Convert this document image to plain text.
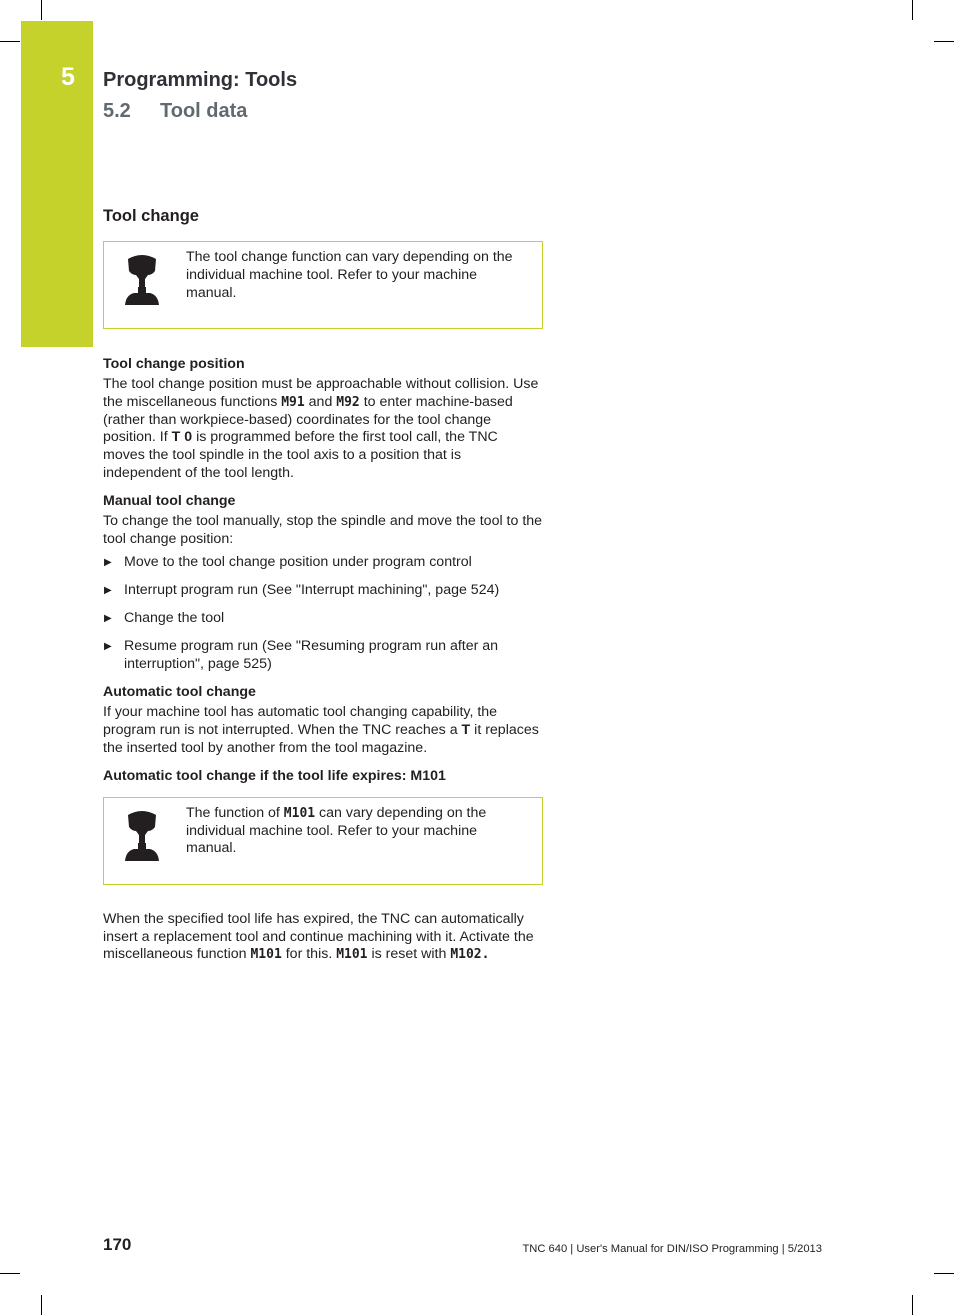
5 Programming: Tools
5.2 Tool data
Tool change
The tool change function can vary depending on the individual machine tool. Refer to your machine manual.
Tool change position

The tool change position must be approachable without collision. Use the miscellaneous functions M91 and M92 to enter machine-based (rather than workpiece-based) coordinates for the tool change position. If T 0 is programmed before the first tool call, the TNC moves the tool spindle in the tool axis to a position that is independent of the tool length.

Manual tool change

To change the tool manually, stop the spindle and move the tool to the tool change position:

▶ Move to the tool change position under program control
▶ Interrupt program run (See "Interrupt machining", page 524)
▶ Change the tool
▶ Resume program run (See "Resuming program run after an interruption", page 525)
Automatic tool change

If your machine tool has automatic tool changing capability, the program run is not interrupted. When the TNC reaches a T it replaces the inserted tool by another from the tool magazine.

Automatic tool change if the tool life expires: M101
The function of M101 can vary depending on the individual machine tool. Refer to your machine manual.

When the specified tool life has expired, the TNC can automatically insert a replacement tool and continue machining with it. Activate the miscellaneous function M101 for this. M101 is reset with M102.

170	TNC 640 | User's Manual for DIN/ISO Programming | 5/2013
